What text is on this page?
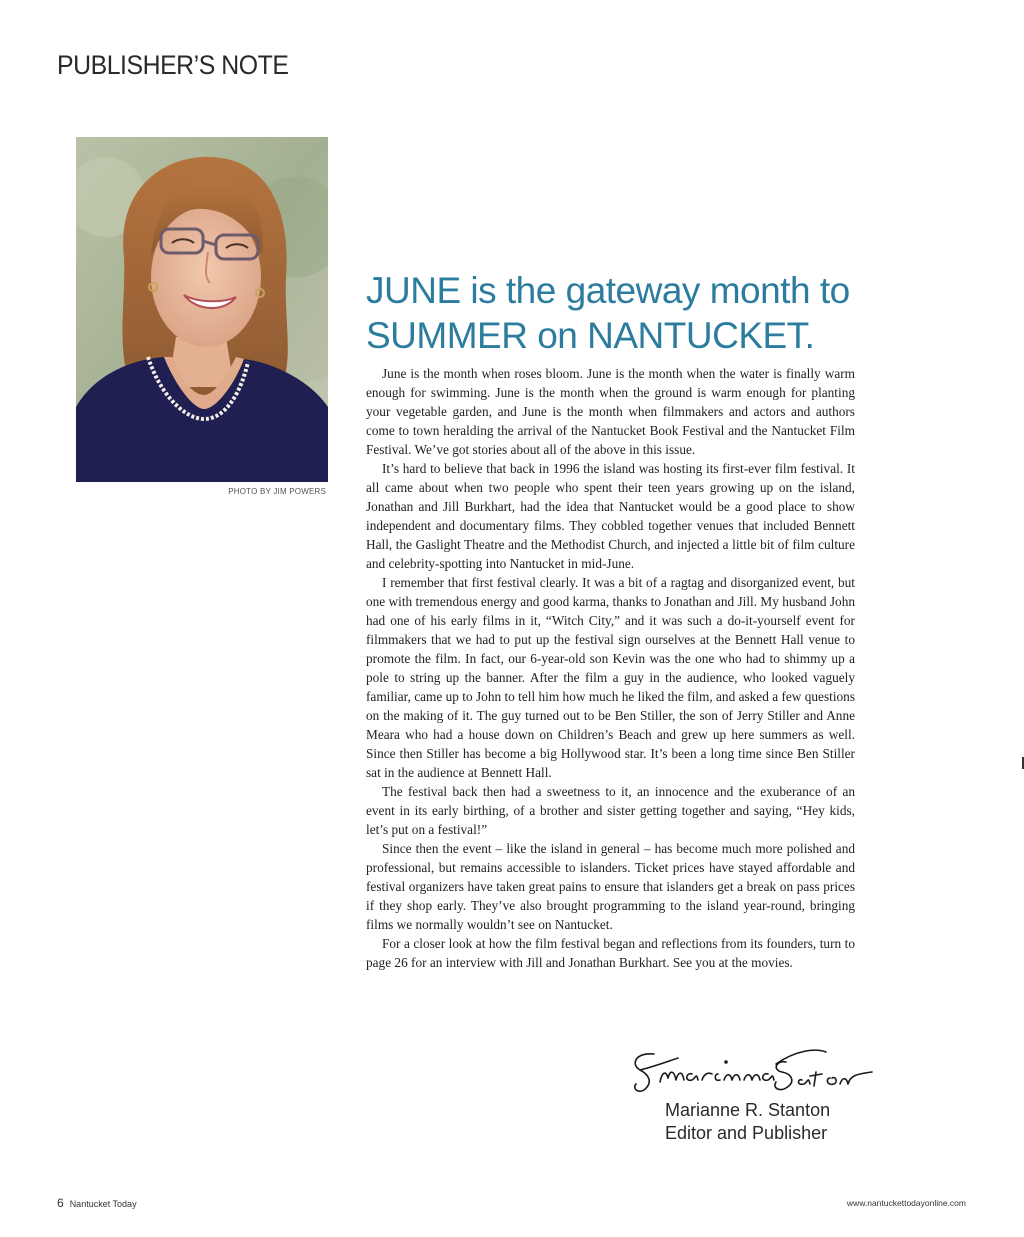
PUBLISHER’S NOTE
PHOTO BY JIM POWERS
JUNE is the gateway month to
SUMMER on NANTUCKET.

June is the month when roses bloom. June is the month when the water is finally warm enough for swimming. June is the month when the ground is warm enough for planting your vegetable garden, and June is the month when filmmakers and actors and authors come to town heralding the arrival of the Nantucket Book Festival and the Nantucket Film Festival. We’ve got stories about all of the above in this issue.

It’s hard to believe that back in 1996 the island was hosting its first-ever film festival. It all came about when two people who spent their teen years growing up on the island, Jonathan and Jill Burkhart, had the idea that Nantucket would be a good place to show independent and documentary films. They cobbled together venues that included Bennett Hall, the Gaslight Theatre and the Methodist Church, and injected a little bit of film culture and celebrity-spotting into Nantucket in mid-June.

I remember that first festival clearly. It was a bit of a ragtag and disorganized event, but one with tremendous energy and good karma, thanks to Jonathan and Jill. My husband John had one of his early films in it, “Witch City,” and it was such a do-it-yourself event for filmmakers that we had to put up the festival sign ourselves at the Bennett Hall venue to promote the film. In fact, our 6-year-old son Kevin was the one who had to shimmy up a pole to string up the banner. After the film a guy in the audience, who looked vaguely familiar, came up to John to tell him how much he liked the film, and asked a few questions on the making of it. The guy turned out to be Ben Stiller, the son of Jerry Stiller and Anne Meara who had a house down on Children’s Beach and grew up here summers as well. Since then Stiller has become a big Hollywood star. It’s been a long time since Ben Stiller sat in the audience at Bennett Hall.

The festival back then had a sweetness to it, an innocence and the exuberance of an event in its early birthing, of a brother and sister getting together and saying, “Hey kids, let’s put on a festival!”

Since then the event – like the island in general – has become much more polished and professional, but remains accessible to islanders. Ticket prices have stayed affordable and festival organizers have taken great pains to ensure that islanders get a break on pass prices if they shop early. They’ve also brought programming to the island year-round, bringing films we normally wouldn’t see on Nantucket.

For a closer look at how the film festival began and reflections from its founders, turn to page 26 for an interview with Jill and Jonathan Burkhart. See you at the movies.

Marianne R. Stanton
Editor and Publisher
6 Nantucket Today	www.nantuckettodayonline.com
